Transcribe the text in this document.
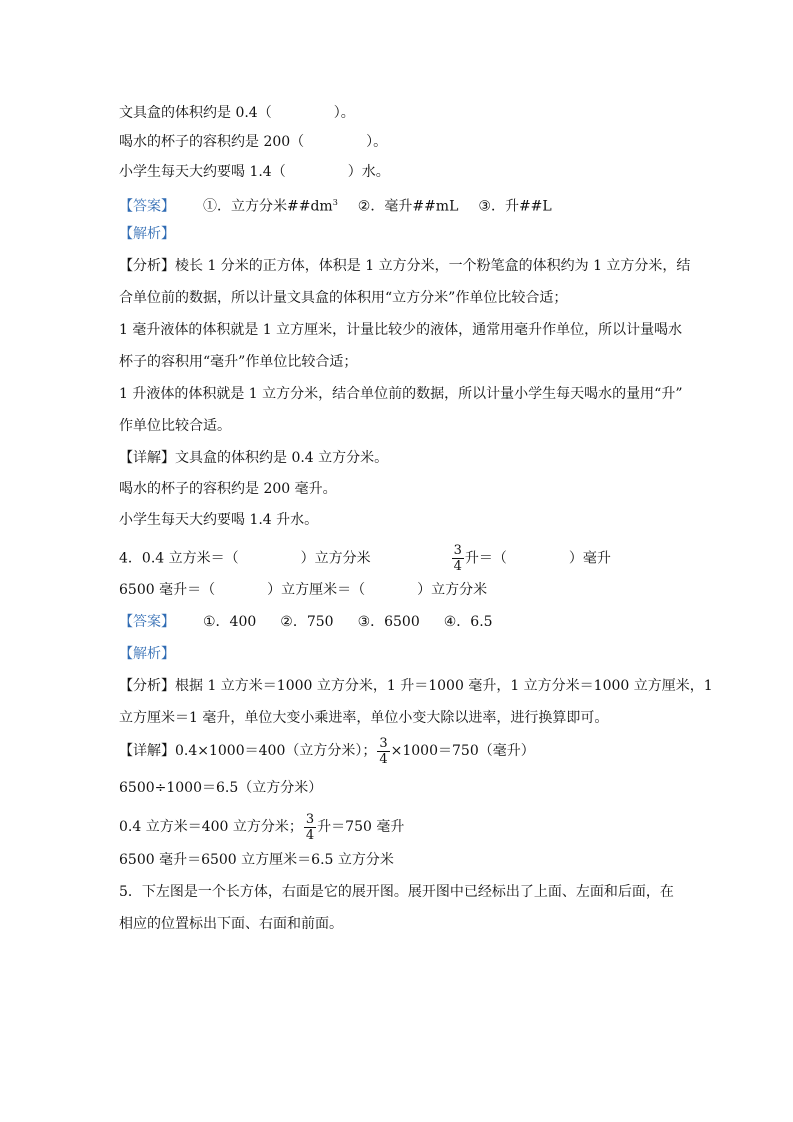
文具盒的体积约是 0.4（	）。
喝水的杯子的容积约是 200（	）。
小学生每天大约要喝 1.4（	）水。
【答案】 ①．立方分米$\#\#dm^3$ ②．毫升##mL ③．升##L
【解析】
【分析】棱长 1 分米的正方体，体积是 1 立方分米，一个粉笔盒的体积约为 1 立方分米，结
合单位前的数据，所以计量文具盒的体积用“立方分米”作单位比较合适；
1 毫升液体的体积就是 1 立方厘米，计量比较少的液体，通常用毫升作单位，所以计量喝水
杯子的容积用“毫升”作单位比较合适；
1 升液体的体积就是 1 立方分米，结合单位前的数据，所以计量小学生每天喝水的量用“升”
作单位比较合适。
【详解】文具盒的体积约是 0.4 立方分米。
喝水的杯子的容积约是 200 毫升。
小学生每天大约要喝 1.4 升水。
4．0.4 立方米＝（	）立方分米	$\frac{3}{4}$ 升＝（	）毫升
6500 毫升＝（	）立方厘米＝（	）立方分米
【答案】 ①．400 ②．750 ③．6500 ④．6.5
【解析】
【分析】根据 1 立方米＝1000 立方分米，1 升＝1000 毫升，1 立方分米＝1000 立方厘米，1
立方厘米＝1 毫升，单位大变小乘进率，单位小变大除以进率，进行换算即可。
【详解】0.4×1000＝400（立方分米）； $\frac{3}{4} \times 1000=750$（毫升）
6500÷1000＝6.5（立方分米）
0.4 立方米＝400 立方分米； $\frac{3}{4}$ 升＝750 毫升
6500 毫升＝6500 立方厘米＝6.5 立方分米
5．下左图是一个长方体，右面是它的展开图。展开图中已经标出了上面、左面和后面，在
相应的位置标出下面、右面和前面。
